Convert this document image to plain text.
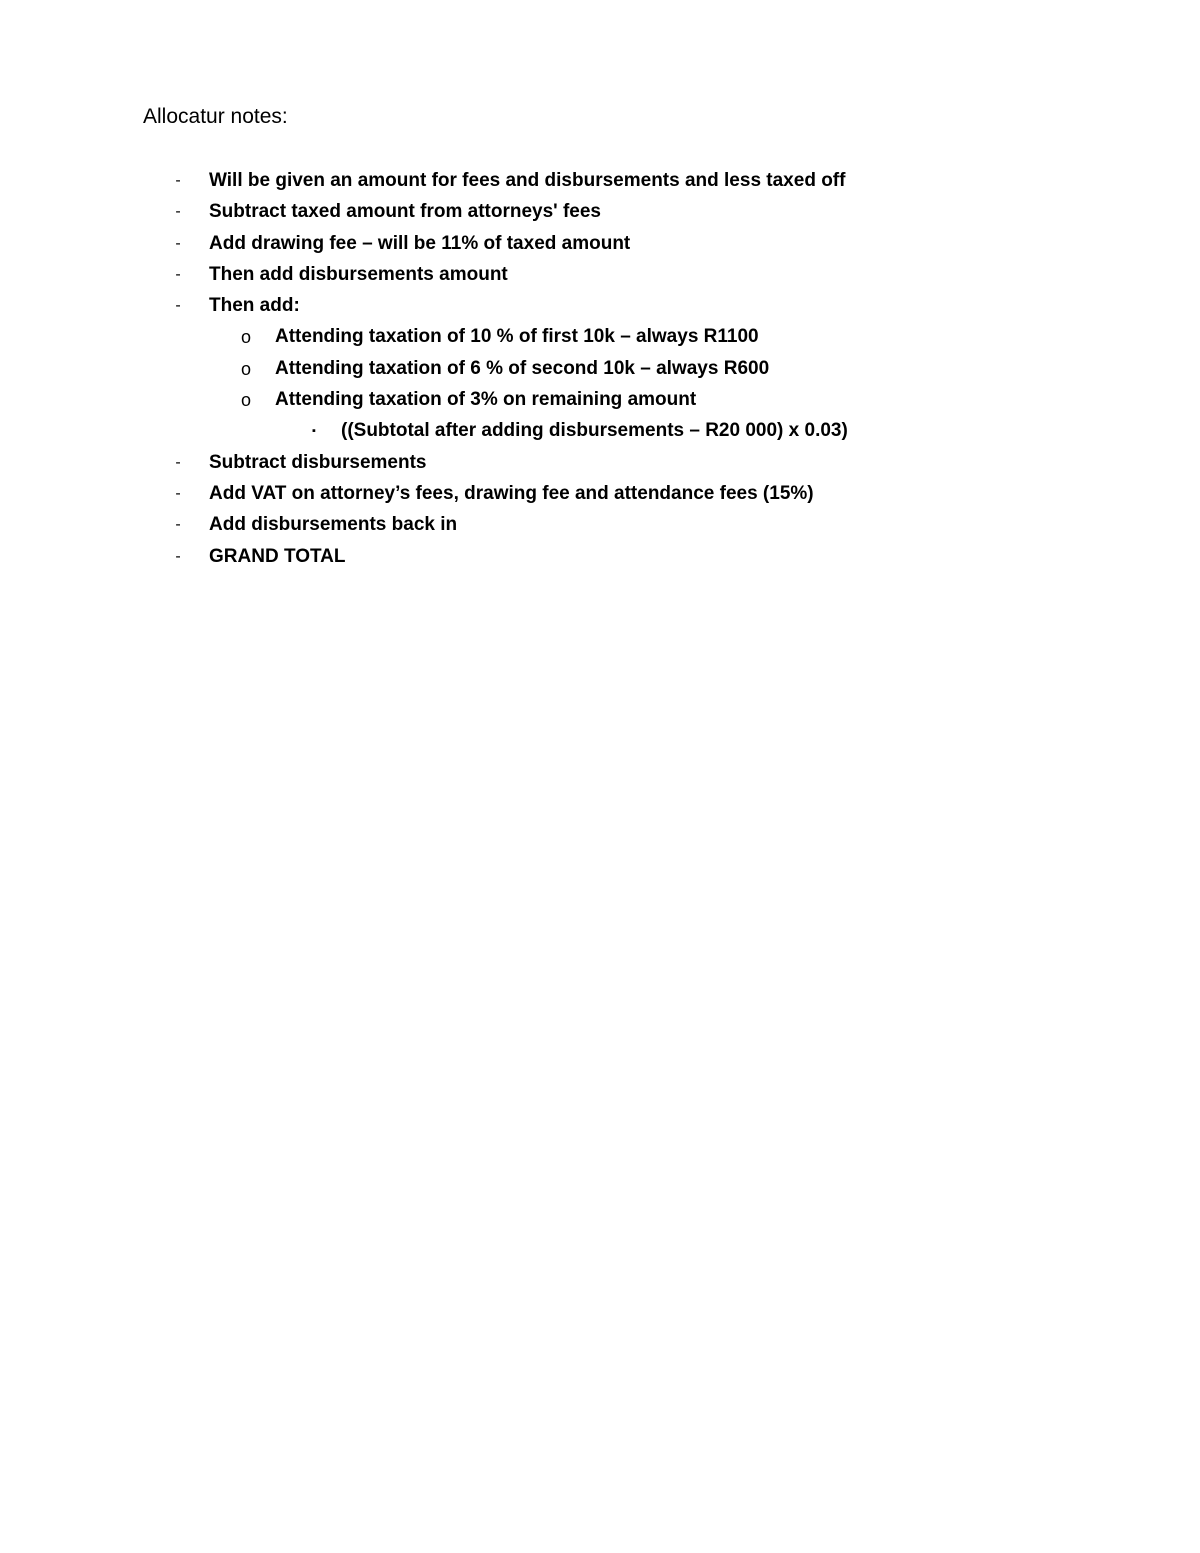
Allocatur notes:
- Will be given an amount for fees and disbursements and less taxed off
- Subtract taxed amount from attorneys' fees
- Add drawing fee – will be 11% of taxed amount
- Then add disbursements amount
- Then add:
o Attending taxation of 10 % of first 10k – always R1100
o Attending taxation of 6 % of second 10k – always R600
o Attending taxation of 3% on remaining amount
▪ ((Subtotal after adding disbursements – R20 000) x 0.03)
- Subtract disbursements
- Add VAT on attorney’s fees, drawing fee and attendance fees (15%)
- Add disbursements back in
- GRAND TOTAL
